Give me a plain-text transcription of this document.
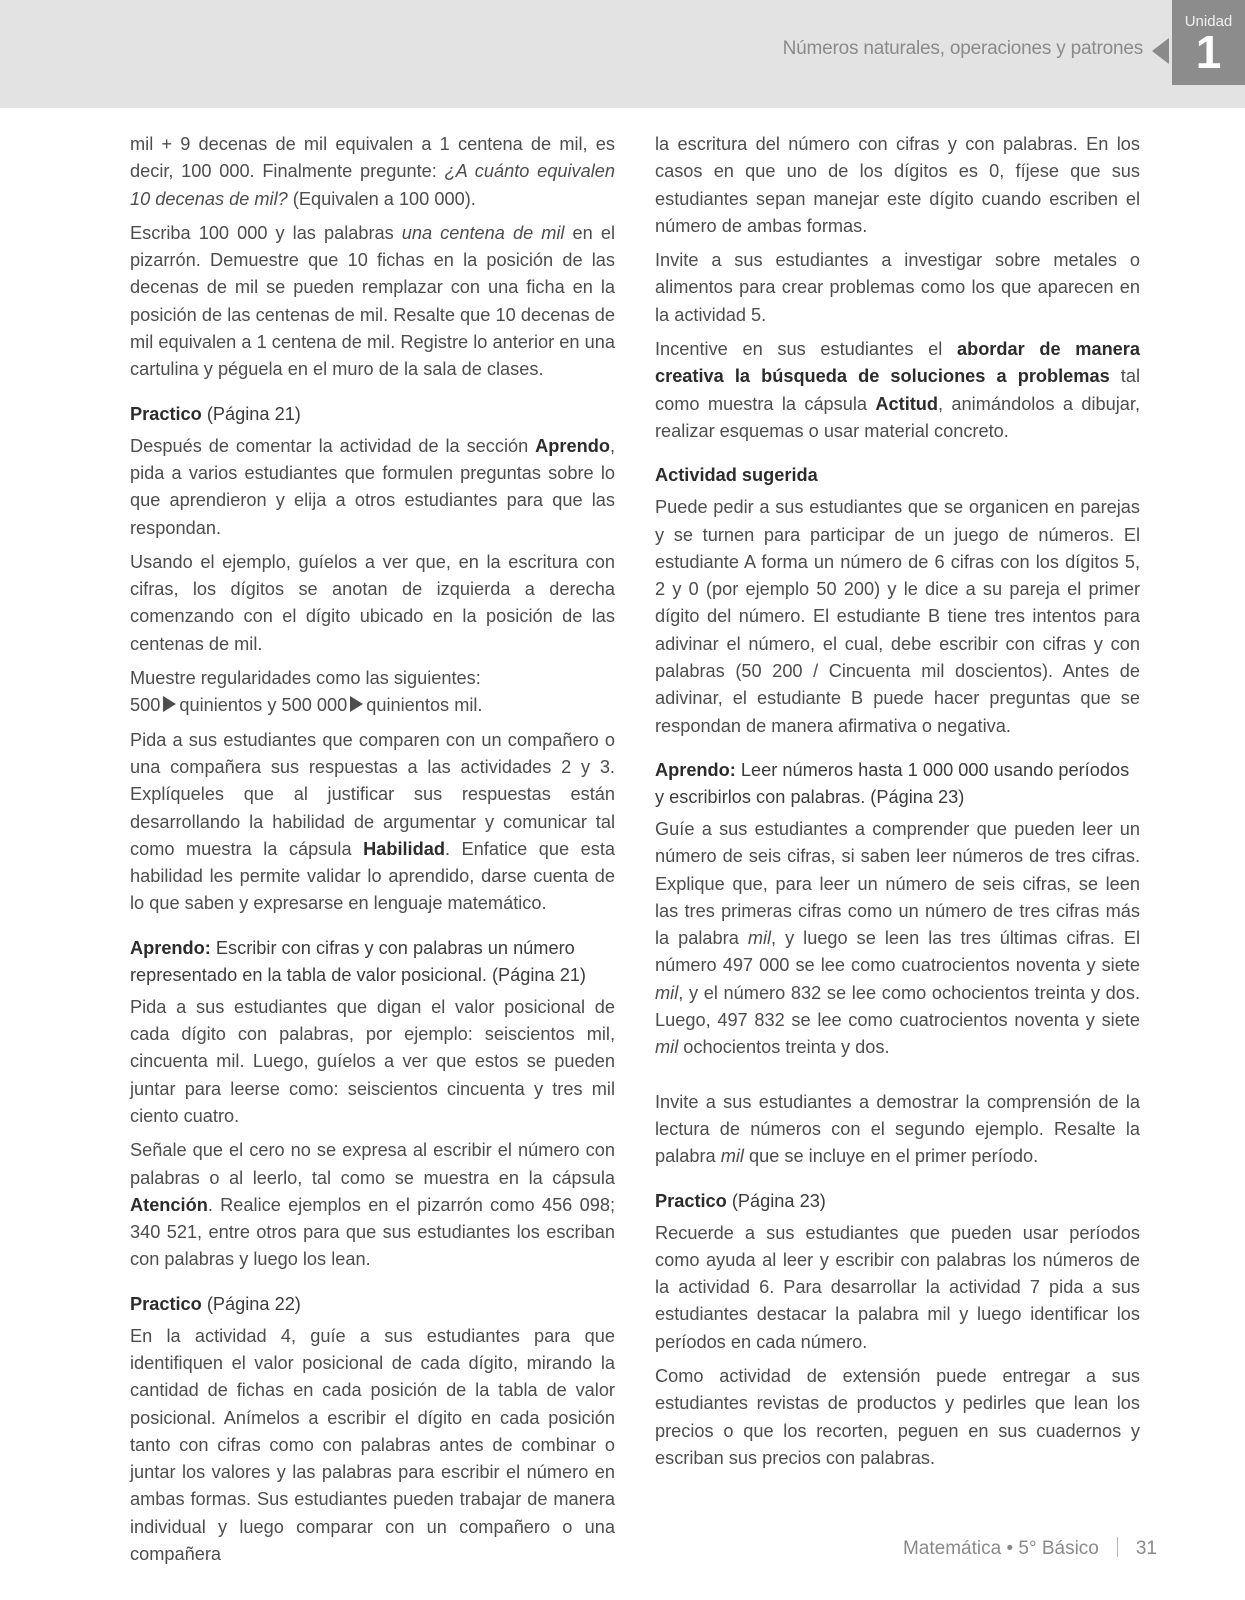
Números naturales, operaciones y patrones
Unidad
1

mil + 9 decenas de mil equivalen a 1 centena de mil, es decir, 100 000. Finalmente pregunte: ¿A cuánto equivalen 10 decenas de mil? (Equivalen a 100 000).

Escriba 100 000 y las palabras una centena de mil en el pizarrón. Demuestre que 10 fichas en la posición de las decenas de mil se pueden remplazar con una ficha en la posición de las centenas de mil. Resalte que 10 decenas de mil equivalen a 1 centena de mil. Registre lo anterior en una cartulina y péguela en el muro de la sala de clases.

Practico (Página 21)

Después de comentar la actividad de la sección Aprendo, pida a varios estudiantes que formulen preguntas sobre lo que aprendieron y elija a otros estudiantes para que las respondan.

Usando el ejemplo, guíelos a ver que, en la escritura con cifras, los dígitos se anotan de izquierda a derecha comenzando con el dígito ubicado en la posición de las centenas de mil.

Muestre regularidades como las siguientes:

500 quinientos y 500 000 quinientos mil.

Pida a sus estudiantes que comparen con un compañero o una compañera sus respuestas a las actividades 2 y 3. Explíqueles que al justificar sus respuestas están desarrollando la habilidad de argumentar y comunicar tal como muestra la cápsula Habilidad. Enfatice que esta habilidad les permite validar lo aprendido, darse cuenta de lo que saben y expresarse en lenguaje matemático.

Aprendo: Escribir con cifras y con palabras un número representado en la tabla de valor posicional. (Página 21)

Pida a sus estudiantes que digan el valor posicional de cada dígito con palabras, por ejemplo: seiscientos mil, cincuenta mil. Luego, guíelos a ver que estos se pueden juntar para leerse como: seiscientos cincuenta y tres mil ciento cuatro.

Señale que el cero no se expresa al escribir el número con palabras o al leerlo, tal como se muestra en la cápsula Atención. Realice ejemplos en el pizarrón como 456 098; 340 521, entre otros para que sus estudiantes los escriban con palabras y luego los lean.

Practico (Página 22)

En la actividad 4, guíe a sus estudiantes para que identifiquen el valor posicional de cada dígito, mirando la cantidad de fichas en cada posición de la tabla de valor posicional. Anímelos a escribir el dígito en cada posición tanto con cifras como con palabras antes de combinar o juntar los valores y las palabras para escribir el número en ambas formas. Sus estudiantes pueden trabajar de manera individual y luego comparar con un compañero o una compañera

la escritura del número con cifras y con palabras. En los casos en que uno de los dígitos es 0, fíjese que sus estudiantes sepan manejar este dígito cuando escriben el número de ambas formas.

Invite a sus estudiantes a investigar sobre metales o alimentos para crear problemas como los que aparecen en la actividad 5.

Incentive en sus estudiantes el abordar de manera creativa la búsqueda de soluciones a problemas tal como muestra la cápsula Actitud, animándolos a dibujar, realizar esquemas o usar material concreto.

Actividad sugerida

Puede pedir a sus estudiantes que se organicen en parejas y se turnen para participar de un juego de números. El estudiante A forma un número de 6 cifras con los dígitos 5, 2 y 0 (por ejemplo 50 200) y le dice a su pareja el primer dígito del número. El estudiante B tiene tres intentos para adivinar el número, el cual, debe escribir con cifras y con palabras (50 200 / Cincuenta mil doscientos). Antes de adivinar, el estudiante B puede hacer preguntas que se respondan de manera afirmativa o negativa.

Aprendo: Leer números hasta 1 000 000 usando períodos y escribirlos con palabras. (Página 23)

Guíe a sus estudiantes a comprender que pueden leer un número de seis cifras, si saben leer números de tres cifras. Explique que, para leer un número de seis cifras, se leen las tres primeras cifras como un número de tres cifras más la palabra mil, y luego se leen las tres últimas cifras. El número 497 000 se lee como cuatrocientos noventa y siete mil, y el número 832 se lee como ochocientos treinta y dos. Luego, 497 832 se lee como cuatrocientos noventa y siete mil ochocientos treinta y dos.

Invite a sus estudiantes a demostrar la comprensión de la lectura de números con el segundo ejemplo. Resalte la palabra mil que se incluye en el primer período.

Practico (Página 23)

Recuerde a sus estudiantes que pueden usar períodos como ayuda al leer y escribir con palabras los números de la actividad 6. Para desarrollar la actividad 7 pida a sus estudiantes destacar la palabra mil y luego identificar los períodos en cada número.

Como actividad de extensión puede entregar a sus estudiantes revistas de productos y pedirles que lean los precios o que los recorten, peguen en sus cuadernos y escriban sus precios con palabras.

Matemática • 5° Básico 31
